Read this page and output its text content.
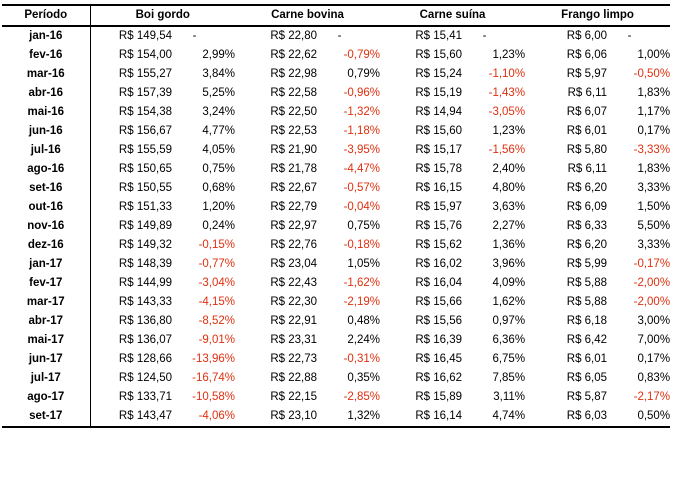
Período	Boi gordo		Carne bovina		Carne suína		Frango limpo	
jan-16	R$ 149,54	-	R$ 22,80	-	R$ 15,41	-	R$ 6,00	-
fev-16	R$ 154,00	2,99%	R$ 22,62	-0,79%	R$ 15,60	1,23%	R$ 6,06	1,00%
mar-16	R$ 155,27	3,84%	R$ 22,98	0,79%	R$ 15,24	-1,10%	R$ 5,97	-0,50%
abr-16	R$ 157,39	5,25%	R$ 22,58	-0,96%	R$ 15,19	-1,43%	R$ 6,11	1,83%
mai-16	R$ 154,38	3,24%	R$ 22,50	-1,32%	R$ 14,94	-3,05%	R$ 6,07	1,17%
jun-16	R$ 156,67	4,77%	R$ 22,53	-1,18%	R$ 15,60	1,23%	R$ 6,01	0,17%
jul-16	R$ 155,59	4,05%	R$ 21,90	-3,95%	R$ 15,17	-1,56%	R$ 5,80	-3,33%
ago-16	R$ 150,65	0,75%	R$ 21,78	-4,47%	R$ 15,78	2,40%	R$ 6,11	1,83%
set-16	R$ 150,55	0,68%	R$ 22,67	-0,57%	R$ 16,15	4,80%	R$ 6,20	3,33%
out-16	R$ 151,33	1,20%	R$ 22,79	-0,04%	R$ 15,97	3,63%	R$ 6,09	1,50%
nov-16	R$ 149,89	0,24%	R$ 22,97	0,75%	R$ 15,76	2,27%	R$ 6,33	5,50%
dez-16	R$ 149,32	-0,15%	R$ 22,76	-0,18%	R$ 15,62	1,36%	R$ 6,20	3,33%
jan-17	R$ 148,39	-0,77%	R$ 23,04	1,05%	R$ 16,02	3,96%	R$ 5,99	-0,17%
fev-17	R$ 144,99	-3,04%	R$ 22,43	-1,62%	R$ 16,04	4,09%	R$ 5,88	-2,00%
mar-17	R$ 143,33	-4,15%	R$ 22,30	-2,19%	R$ 15,66	1,62%	R$ 5,88	-2,00%
abr-17	R$ 136,80	-8,52%	R$ 22,91	0,48%	R$ 15,56	0,97%	R$ 6,18	3,00%
mai-17	R$ 136,07	-9,01%	R$ 23,31	2,24%	R$ 16,39	6,36%	R$ 6,42	7,00%
jun-17	R$ 128,66	-13,96%	R$ 22,73	-0,31%	R$ 16,45	6,75%	R$ 6,01	0,17%
jul-17	R$ 124,50	-16,74%	R$ 22,88	0,35%	R$ 16,62	7,85%	R$ 6,05	0,83%
ago-17	R$ 133,71	-10,58%	R$ 22,15	-2,85%	R$ 15,89	3,11%	R$ 5,87	-2,17%
set-17	R$ 143,47	-4,06%	R$ 23,10	1,32%	R$ 16,14	4,74%	R$ 6,03	0,50%
